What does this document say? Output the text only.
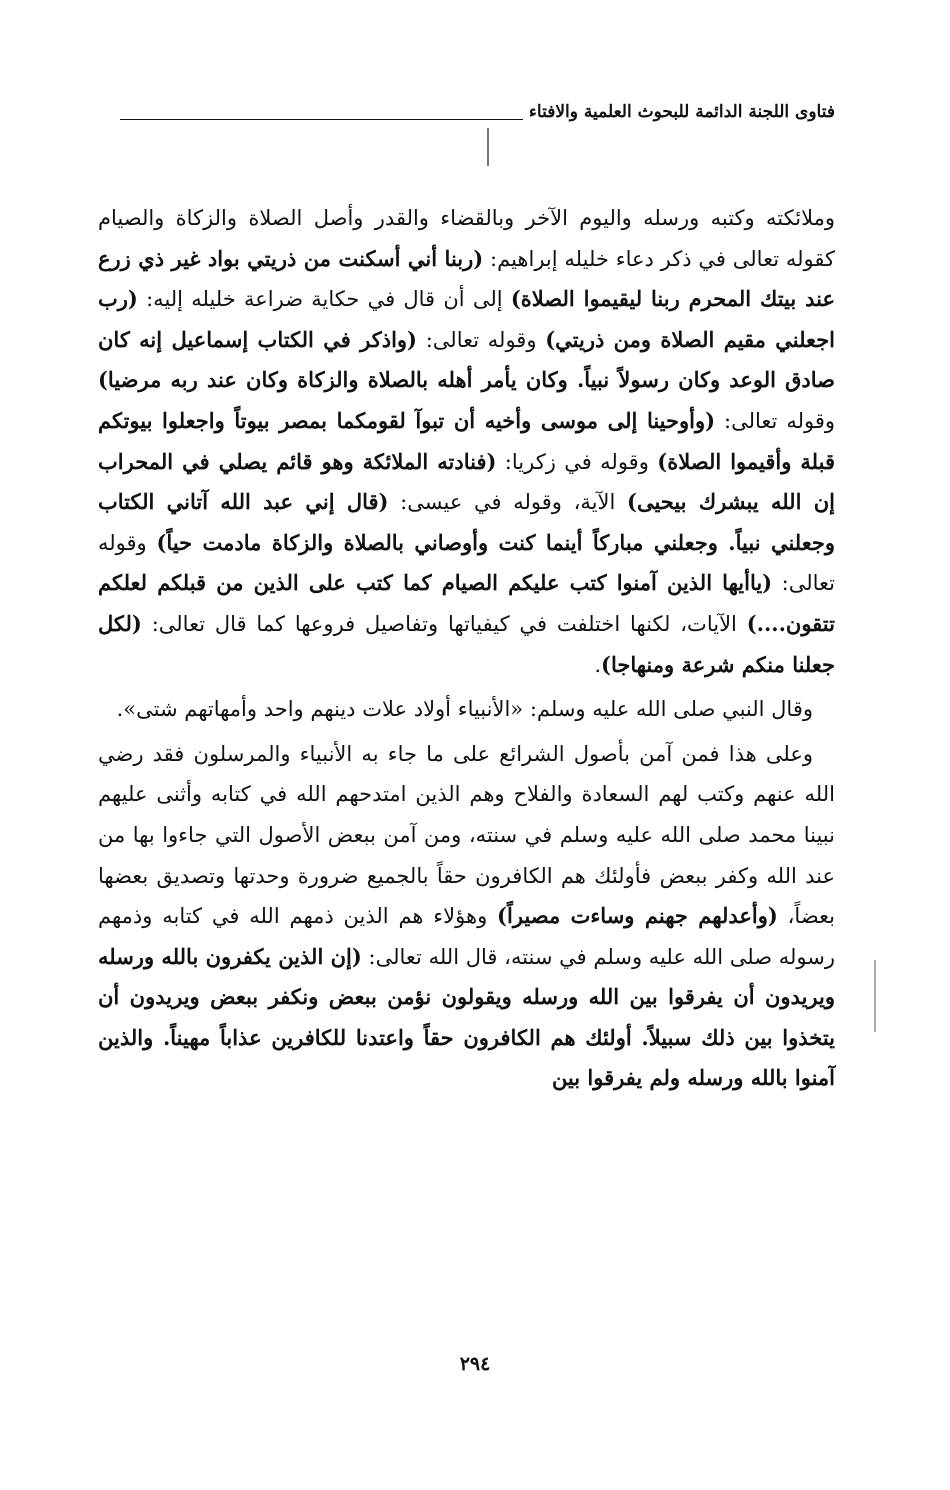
فتاوى اللجنة الدائمة للبحوث العلمية والافتاء

وملائكته وكتبه ورسله واليوم الآخر وبالقضاء والقدر وأصل الصلاة والزكاة والصيام كقوله تعالى في ذكر دعاء خليله إبراهيم: (ربنا أني أسكنت من ذريتي بواد غير ذي زرع عند بيتك المحرم ربنا ليقيموا الصلاة) إلى أن قال في حكاية ضراعة خليله إليه: (رب اجعلني مقيم الصلاة ومن ذريتي) وقوله تعالى: (واذكر في الكتاب إسماعيل إنه كان صادق الوعد وكان رسولاً نبياً. وكان يأمر أهله بالصلاة والزكاة وكان عند ربه مرضيا) وقوله تعالى: (وأوحينا إلى موسى وأخيه أن تبوآ لقومكما بمصر بيوتاً واجعلوا بيوتكم قبلة وأقيموا الصلاة) وقوله في زكريا: (فنادته الملائكة وهو قائم يصلي في المحراب إن الله يبشرك بيحيى) الآية، وقوله في عيسى: (قال إني عبد الله آتاني الكتاب وجعلني نبياً. وجعلني مباركاً أينما كنت وأوصاني بالصلاة والزكاة مادمت حياً) وقوله تعالى: (ياأيها الذين آمنوا كتب عليكم الصيام كما كتب على الذين من قبلكم لعلكم تتقون....) الآيات، لكنها اختلفت في كيفياتها وتفاصيل فروعها كما قال تعالى: (لكل جعلنا منكم شرعة ومنهاجا).

وقال النبي صلى الله عليه وسلم: «الأنبياء أولاد علات دينهم واحد وأمهاتهم شتى».

وعلى هذا فمن آمن بأصول الشرائع على ما جاء به الأنبياء والمرسلون فقد رضي الله عنهم وكتب لهم السعادة والفلاح وهم الذين امتدحهم الله في كتابه وأثنى عليهم نبينا محمد صلى الله عليه وسلم في سنته، ومن آمن ببعض الأصول التي جاءوا بها من عند الله وكفر ببعض فأولئك هم الكافرون حقاً بالجميع ضرورة وحدتها وتصديق بعضها بعضاً، (وأعدلهم جهنم وساءت مصيراً) وهؤلاء هم الذين ذمهم الله في كتابه وذمهم رسوله صلى الله عليه وسلم في سنته، قال الله تعالى: (إن الذين يكفرون بالله ورسله ويريدون أن يفرقوا بين الله ورسله ويقولون نؤمن ببعض ونكفر ببعض ويريدون أن يتخذوا بين ذلك سبيلاً. أولئك هم الكافرون حقاً واعتدنا للكافرين عذاباً مهيناً. والذين آمنوا بالله ورسله ولم يفرقوا بين

٢٩٤
